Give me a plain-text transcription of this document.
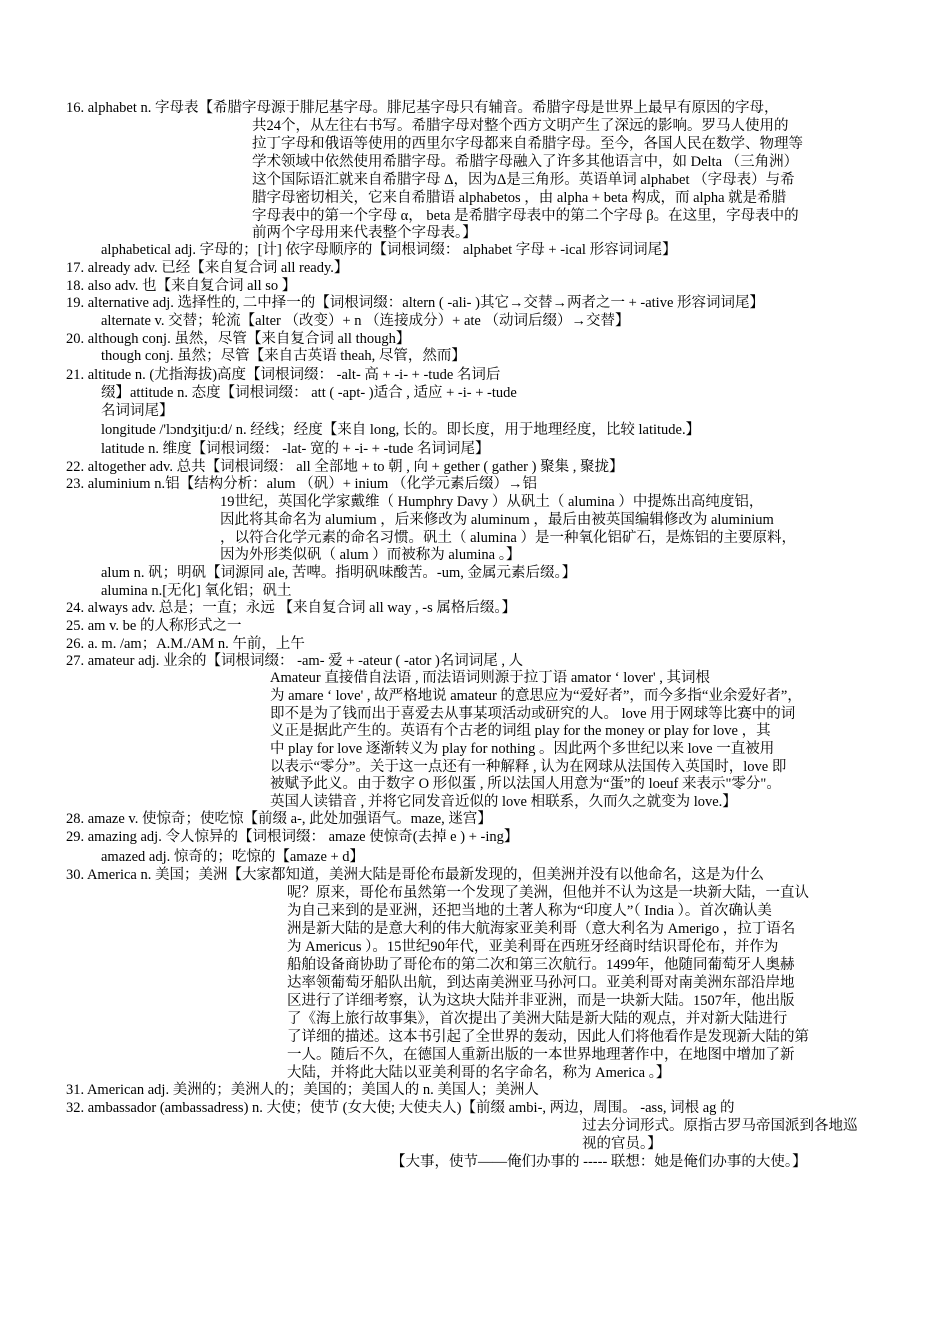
16. alphabet n. 字母表【希腊字母源于腓尼基字母。腓尼基字母只有辅音。希腊字母是世界上最早有原因的字母，
共24个，从左往右书写。希腊字母对整个西方文明产生了深远的影响。罗马人使用的
拉丁字母和俄语等使用的西里尔字母都来自希腊字母。至今，各国人民在数学、物理等
学术领域中依然使用希腊字母。希腊字母融入了许多其他语言中，如 Delta （三角洲）
这个国际语汇就来自希腊字母 Δ，因为Δ是三角形。英语单词 alphabet （字母表）与希
腊字母密切相关，它来自希腊语 alphabetos ，由 alpha + beta 构成，而 alpha 就是希腊
字母表中的第一个字母 α， beta 是希腊字母表中的第二个字母 β。在这里，字母表中的
前两个字母用来代表整个字母表。】
alphabetical adj. 字母的；[计] 依字母顺序的【词根词缀： alphabet 字母 + -ical 形容词词尾】
17. already adv. 已经【来自复合词 all ready.】
18. also adv. 也【来自复合词 all so 】
19. alternative adj. 选择性的, 二中择一的【词根词缀：altern ( -ali- )其它→交替→两者之一 + -ative 形容词词尾】
alternate v. 交替；轮流【alter （改变）+ n （连接成分）+ ate （动词后缀）→交替】
20. although conj. 虽然，尽管【来自复合词 all though】
though conj. 虽然；尽管【来自古英语 theah, 尽管，然而】
21. altitude n. (尤指海拔)高度【词根词缀： -alt- 高 + -i- + -tude 名词后
缀】attitude n. 态度【词根词缀： att ( -apt- )适合 , 适应 + -i- + -tude
名词词尾】
longitude /'lɔndʒitju:d/ n. 经线；经度【来自 long, 长的。即长度，用于地理经度，比较 latitude.】
latitude n. 维度【词根词缀： -lat- 宽的 + -i- + -tude 名词词尾】
22. altogether adv. 总共【词根词缀： all 全部地 + to 朝 , 向 + gether ( gather ) 聚集 , 聚拢】
23. aluminium n.铝【结构分析：alum （矾）+ inium （化学元素后缀）→铝
19世纪，英国化学家戴维（ Humphry Davy ）从矾土（ alumina ）中提炼出高纯度铝，
因此将其命名为 alumium ，后来修改为 aluminum ，最后由被英国编辑修改为 aluminium
，以符合化学元素的命名习惯。矾土（ alumina ）是一种氧化铝矿石，是炼铝的主要原料，
因为外形类似矾（ alum ）而被称为 alumina 。】
alum n. 矾；明矾【词源同 ale, 苦啤。指明矾味酸苦。-um, 金属元素后缀。】
alumina n.[无化] 氧化铝；矾土
24. always adv. 总是；一直；永远 【来自复合词 all way , -s 属格后缀。】
25. am v. be 的人称形式之一
26. a. m. /am；A.M./AM n. 午前，上午
27. amateur adj. 业余的【词根词缀： -am- 爱 + -ateur ( -ator )名词词尾 , 人
Amateur 直接借自法语 , 而法语词则源于拉丁语 amator ‘ lover' , 其词根
为 amare ‘ love' , 故严格地说 amateur 的意思应为“爱好者”，而今多指“业余爱好者”，
即不是为了钱而出于喜爱去从事某项活动或研究的人。 love 用于网球等比赛中的词
义正是据此产生的。英语有个古老的词组 play for the money or play for love ，其
中 play for love 逐渐转义为 play for nothing 。因此两个多世纪以来 love 一直被用
以表示“零分”。关于这一点还有一种解释 , 认为在网球从法国传入英国时，love 即
被赋予此义。由于数字 O 形似蛋 , 所以法国人用意为“蛋”的 loeuf 来表示"零分"。
英国人读错音 , 并将它同发音近似的 love 相联系，久而久之就变为 love.】
28. amaze v. 使惊奇；使吃惊【前缀 a-, 此处加强语气。maze, 迷宫】
29. amazing adj. 令人惊异的【词根词缀： amaze 使惊奇(去掉 e ) + -ing】
amazed adj. 惊奇的；吃惊的【amaze + d】
30. America n. 美国；美洲【大家都知道，美洲大陆是哥伦布最新发现的，但美洲并没有以他命名，这是为什么
呢？原来，哥伦布虽然第一个发现了美洲，但他并不认为这是一块新大陆，一直认
为自己来到的是亚洲，还把当地的土著人称为“印度人”（ India ）。首次确认美
洲是新大陆的是意大利的伟大航海家亚美利哥（意大利名为 Amerigo ，拉丁语名
为 Americus ）。15世纪90年代，亚美利哥在西班牙经商时结识哥伦布，并作为
船舶设备商协助了哥伦布的第二次和第三次航行。1499年，他随同葡萄牙人奥赫
达率领葡萄牙船队出航，到达南美洲亚马孙河口。亚美利哥对南美洲东部沿岸地
区进行了详细考察，认为这块大陆并非亚洲，而是一块新大陆。1507年，他出版
了《海上旅行故事集》，首次提出了美洲大陆是新大陆的观点，并对新大陆进行
了详细的描述。这本书引起了全世界的轰动，因此人们将他看作是发现新大陆的第
一人。随后不久，在德国人重新出版的一本世界地理著作中，在地图中增加了新
大陆，并将此大陆以亚美利哥的名字命名，称为 America 。】
31. American adj. 美洲的；美洲人的；美国的；美国人的 n. 美国人；美洲人
32. ambassador (ambassadress) n. 大使；使节 (女大使; 大使夫人)【前缀 ambi-, 两边，周围。 -ass, 词根 ag 的
过去分词形式。原指古罗马帝国派到各地巡
视的官员。】
【大事，使节——俺们办事的 ----- 联想：她是俺们办事的大使。】
